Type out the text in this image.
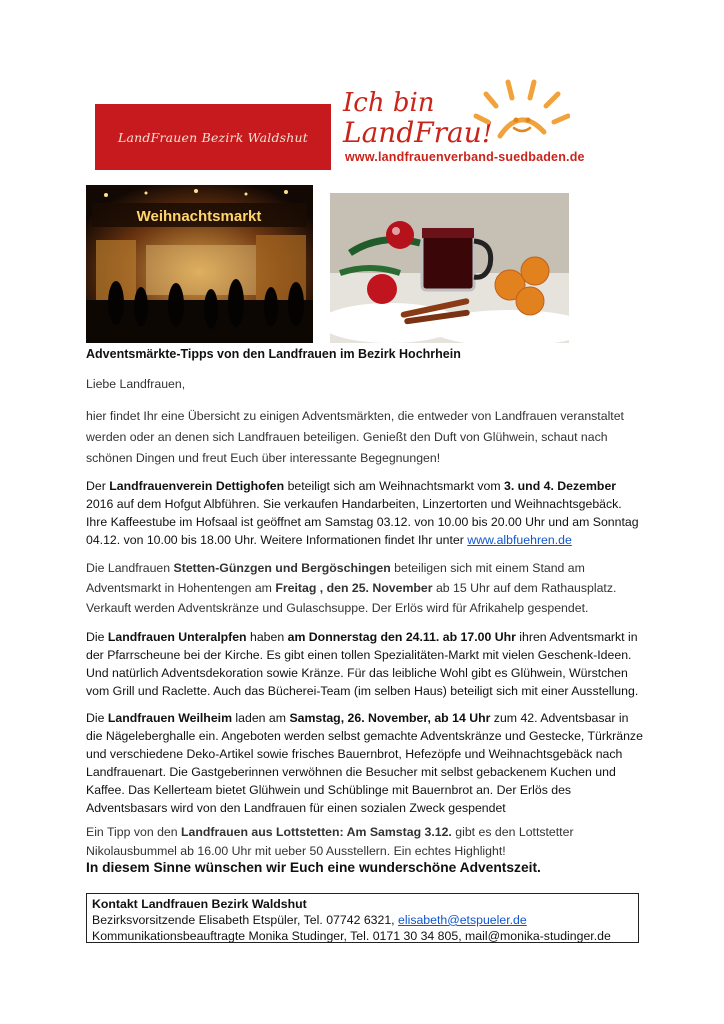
LandFrauen Bezirk Waldshut
Ich bin
LandFrau!
www.landfrauenverband-suedbaden.de
Weihnachtsmarkt

Adventsmärkte-Tipps von den Landfrauen im Bezirk Hochrhein

Liebe Landfrauen,

hier findet Ihr eine Übersicht zu einigen Adventsmärkten, die entweder von Landfrauen veranstaltet werden oder an denen sich Landfrauen beteiligen. Genießt den Duft von Glühwein, schaut nach schönen Dingen und freut Euch über interessante Begegnungen!

Der Landfrauenverein Dettighofen beteiligt sich am Weihnachtsmarkt vom 3. und 4. Dezember 2016 auf dem Hofgut Albführen. Sie verkaufen Handarbeiten, Linzertorten und Weihnachtsgebäck. Ihre Kaffeestube im Hofsaal ist geöffnet am Samstag 03.12. von 10.00 bis 20.00 Uhr und am Sonntag 04.12. von 10.00 bis 18.00 Uhr. Weitere Informationen findet Ihr unter www.albfuehren.de

Die Landfrauen Stetten-Günzgen und Bergöschingen beteiligen sich mit einem Stand am Adventsmarkt in Hohentengen am Freitag , den 25. November ab 15 Uhr auf dem Rathausplatz. Verkauft werden Adventskränze und Gulaschsuppe. Der Erlös wird für Afrikahelp gespendet.

Die Landfrauen Unteralpfen haben am Donnerstag den 24.11. ab 17.00 Uhr ihren Adventsmarkt in der Pfarrscheune bei der Kirche. Es gibt einen tollen Spezialitäten-Markt mit vielen Geschenk-Ideen. Und natürlich Adventsdekoration sowie Kränze. Für das leibliche Wohl gibt es Glühwein, Würstchen vom Grill und Raclette. Auch das Bücherei-Team (im selben Haus) beteiligt sich mit einer Ausstellung.

Die Landfrauen Weilheim laden am Samstag, 26. November, ab 14 Uhr zum 42. Adventsbasar in die Nägeleberghalle ein. Angeboten werden selbst gemachte Adventskränze und Gestecke, Türkränze und verschiedene Deko-Artikel sowie frisches Bauernbrot, Hefezöpfe und Weihnachtsgebäck nach Landfrauenart. Die Gastgeberinnen verwöhnen die Besucher mit selbst gebackenem Kuchen und Kaffee. Das Kellerteam bietet Glühwein und Schüblinge mit Bauernbrot an. Der Erlös des Adventsbasars wird von den Landfrauen für einen sozialen Zweck gespendet

Ein Tipp von den Landfrauen aus Lottstetten: Am Samstag 3.12. gibt es den Lottstetter Nikolausbummel ab 16.00 Uhr mit ueber 50 Ausstellern. Ein echtes Highlight!

In diesem Sinne wünschen wir Euch eine wunderschöne Adventszeit.
Kontakt Landfrauen Bezirk Waldshut
Bezirksvorsitzende Elisabeth Etspüler, Tel. 07742 6321, elisabeth@etspueler.de
Kommunikationsbeauftragte Monika Studinger, Tel. 0171 30 34 805, mail@monika-studinger.de
